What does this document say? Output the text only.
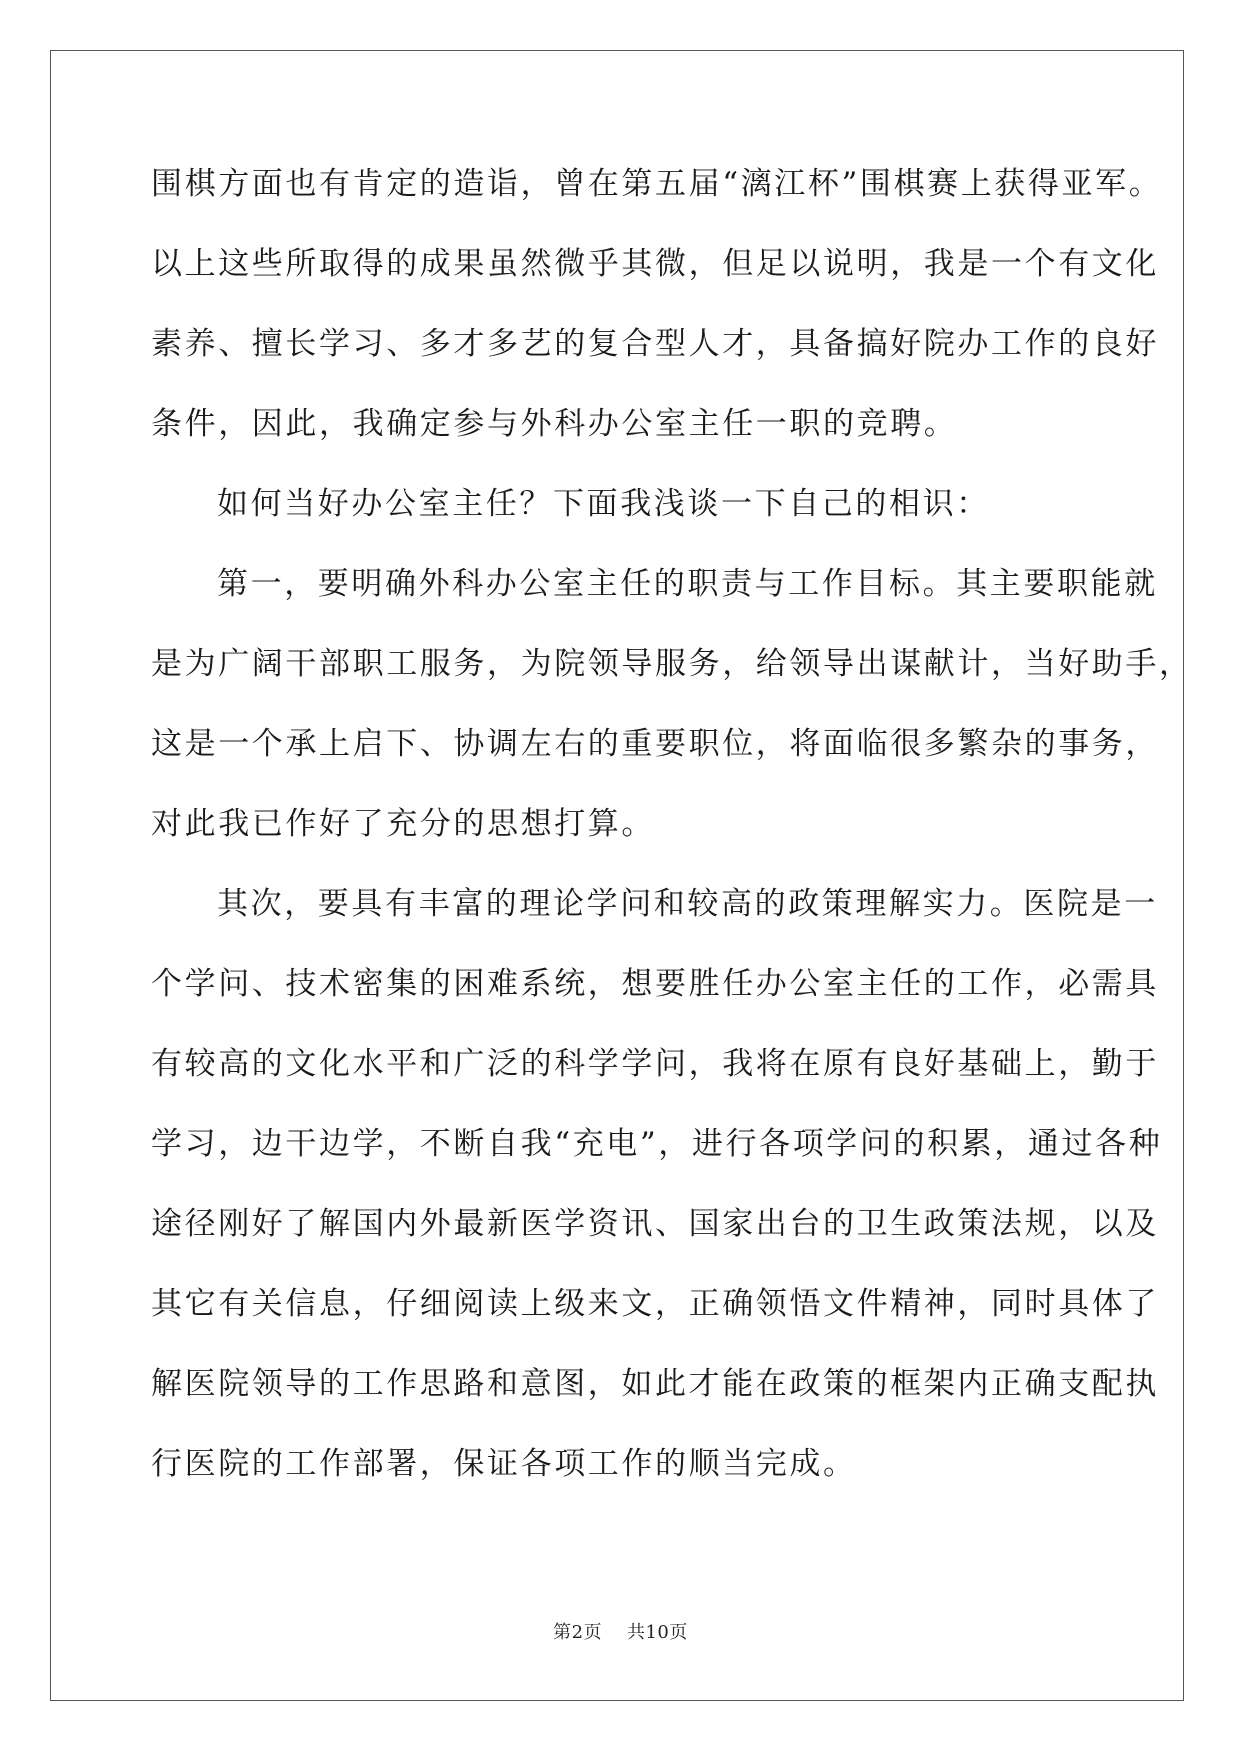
围棋方面也有肯定的造诣，曾在第五届“漓江杯”围棋赛上获得亚军。
以上这些所取得的成果虽然微乎其微，但足以说明，我是一个有文化
素养、擅长学习、多才多艺的复合型人才，具备搞好院办工作的良好
条件，因此，我确定参与外科办公室主任一职的竞聘。
如何当好办公室主任？下面我浅谈一下自己的相识：
第一，要明确外科办公室主任的职责与工作目标。其主要职能就
是为广阔干部职工服务，为院领导服务，给领导出谋献计，当好助手，
这是一个承上启下、协调左右的重要职位，将面临很多繁杂的事务，
对此我已作好了充分的思想打算。
其次，要具有丰富的理论学问和较高的政策理解实力。医院是一
个学问、技术密集的困难系统，想要胜任办公室主任的工作，必需具
有较高的文化水平和广泛的科学学问，我将在原有良好基础上，勤于
学习，边干边学，不断自我“充电”，进行各项学问的积累，通过各种
途径刚好了解国内外最新医学资讯、国家出台的卫生政策法规，以及
其它有关信息，仔细阅读上级来文，正确领悟文件精神，同时具体了
解医院领导的工作思路和意图，如此才能在政策的框架内正确支配执
行医院的工作部署，保证各项工作的顺当完成。
第2页    共10页
